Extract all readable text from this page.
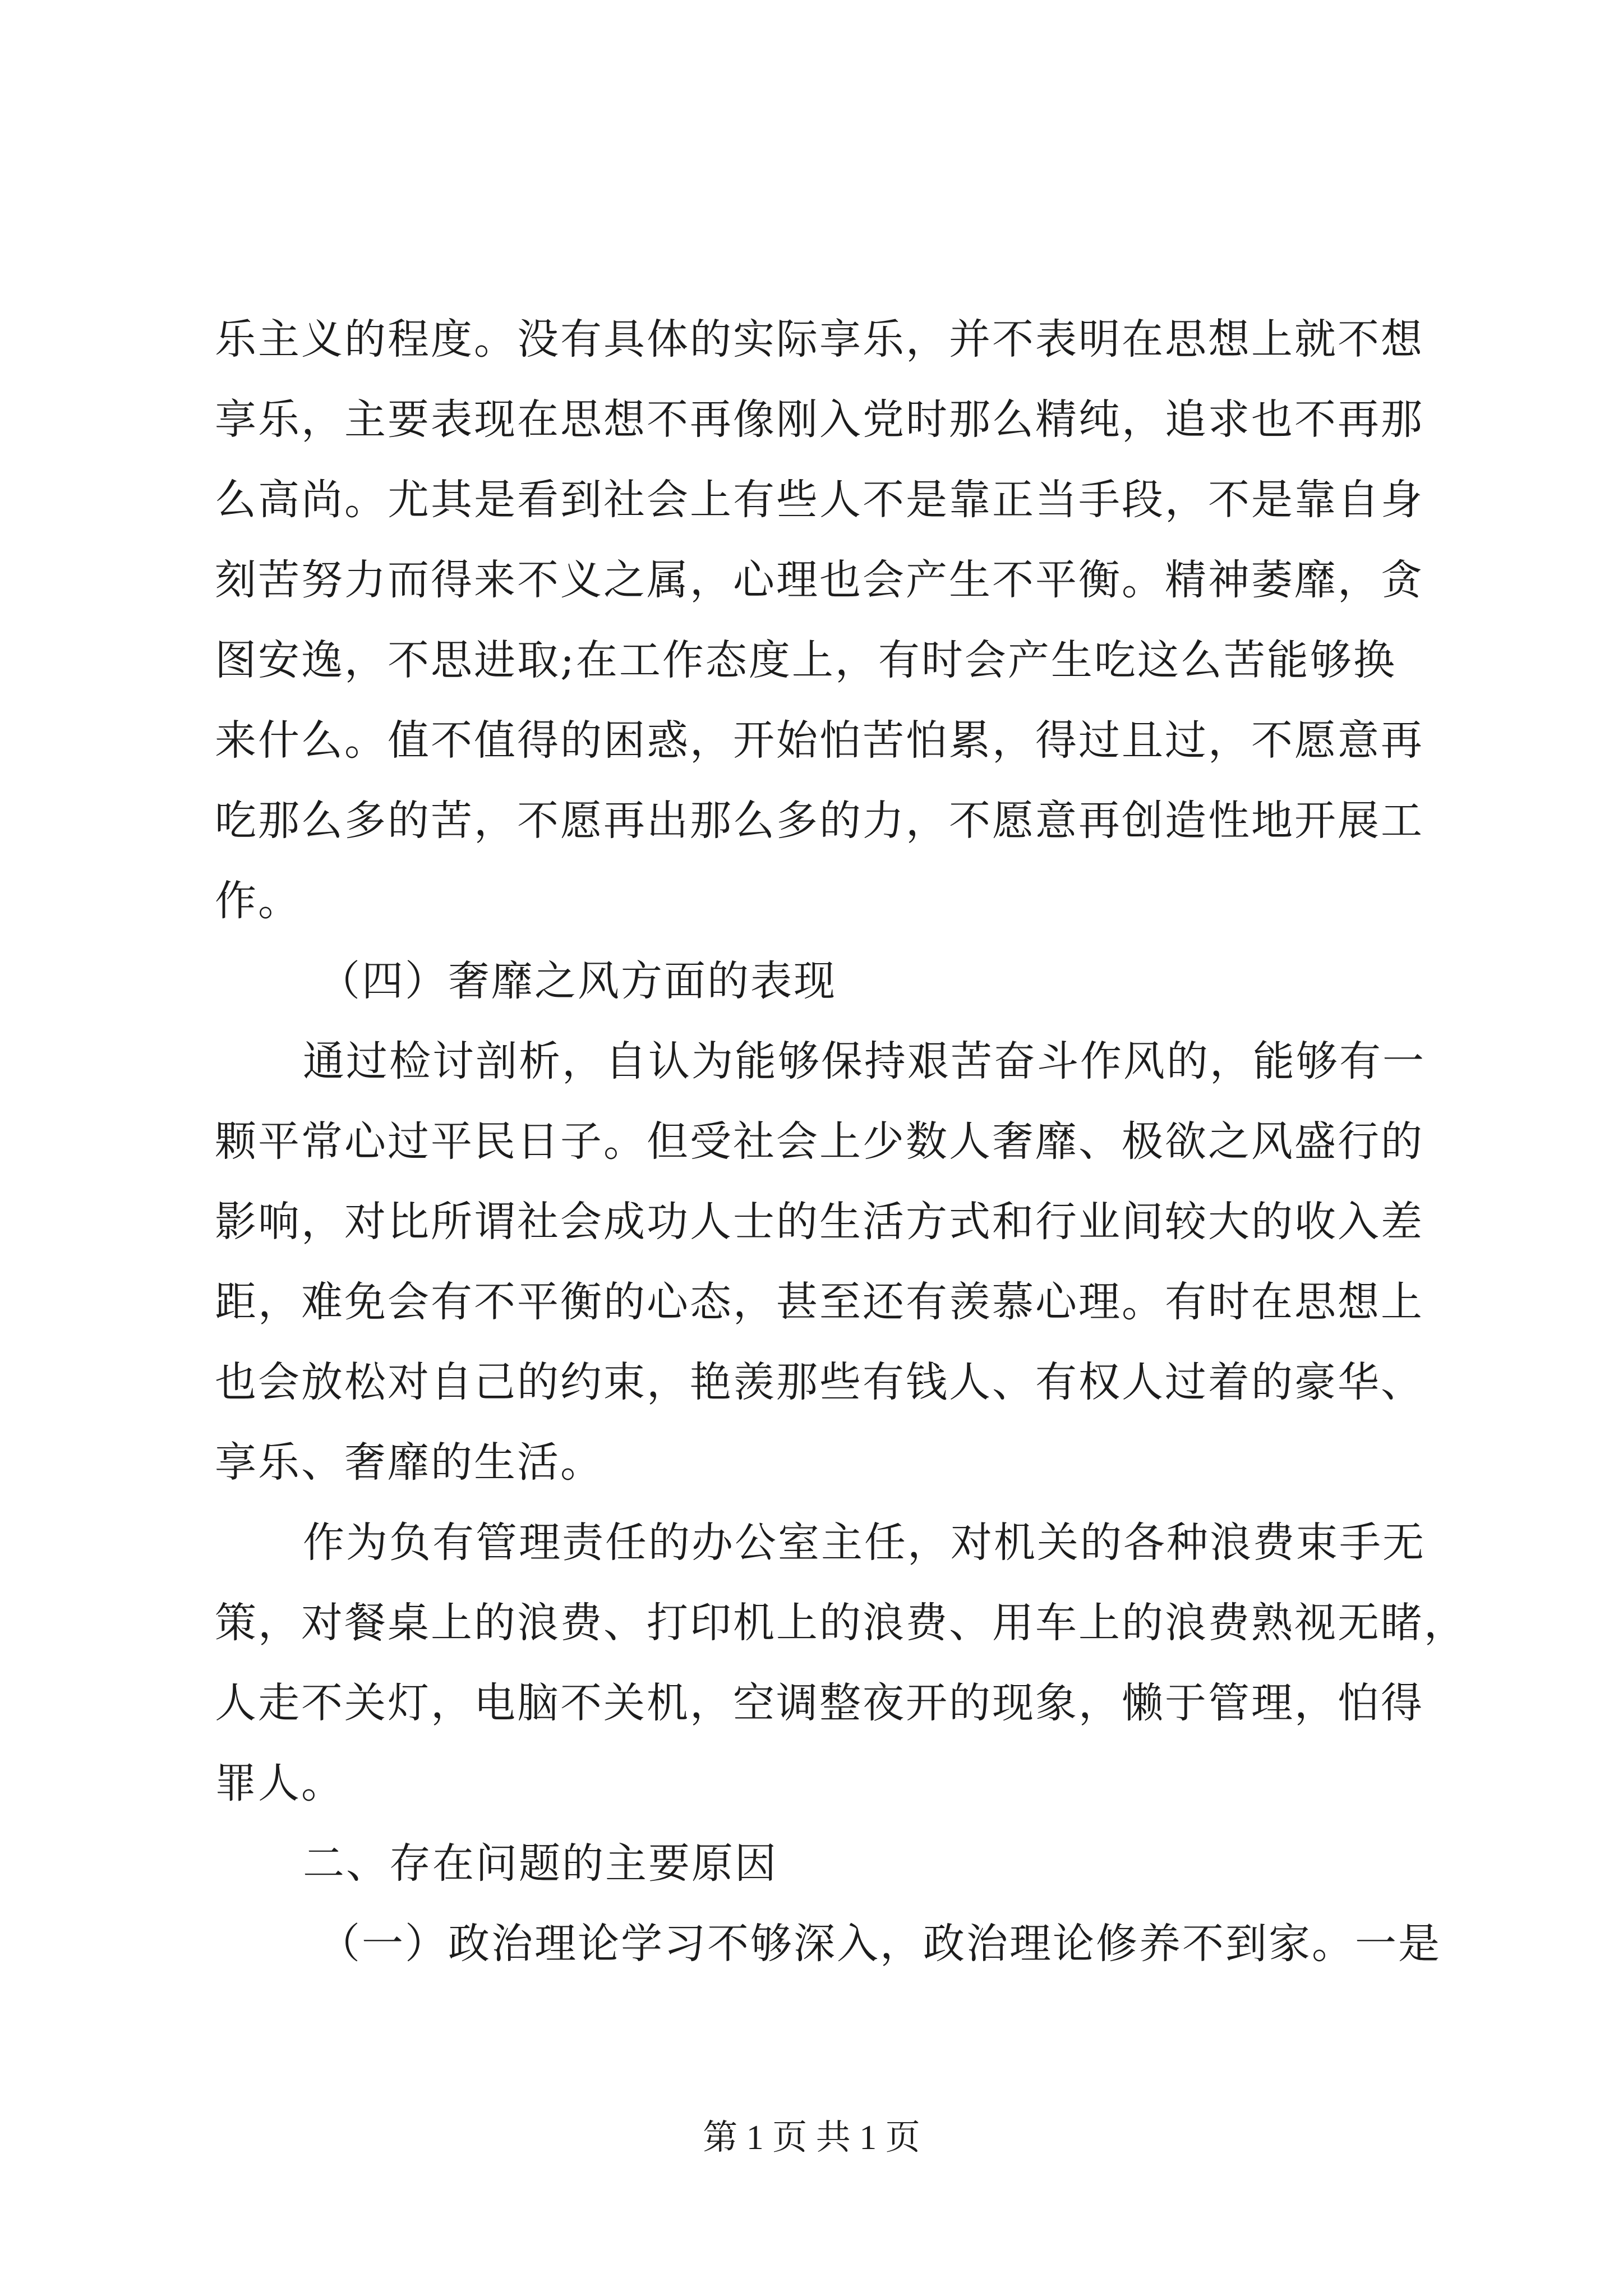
乐主义的程度。没有具体的实际享乐，并不表明在思想上就不想
享乐，主要表现在思想不再像刚入党时那么精纯，追求也不再那
么高尚。尤其是看到社会上有些人不是靠正当手段，不是靠自身
刻苦努力而得来不义之属，心理也会产生不平衡。精神萎靡，贪
图安逸，不思进取;在工作态度上，有时会产生吃这么苦能够换
来什么。值不值得的困惑，开始怕苦怕累，得过且过，不愿意再
吃那么多的苦，不愿再出那么多的力，不愿意再创造性地开展工
作。
（四）奢靡之风方面的表现
通过检讨剖析，自认为能够保持艰苦奋斗作风的，能够有一
颗平常心过平民日子。但受社会上少数人奢靡、极欲之风盛行的
影响，对比所谓社会成功人士的生活方式和行业间较大的收入差
距，难免会有不平衡的心态，甚至还有羡慕心理。有时在思想上
也会放松对自己的约束，艳羡那些有钱人、有权人过着的豪华、
享乐、奢靡的生活。
作为负有管理责任的办公室主任，对机关的各种浪费束手无
策，对餐桌上的浪费、打印机上的浪费、用车上的浪费熟视无睹，
人走不关灯，电脑不关机，空调整夜开的现象，懒于管理，怕得
罪人。
二、存在问题的主要原因
（一）政治理论学习不够深入，政治理论修养不到家。一是
第 1 页 共 1 页
